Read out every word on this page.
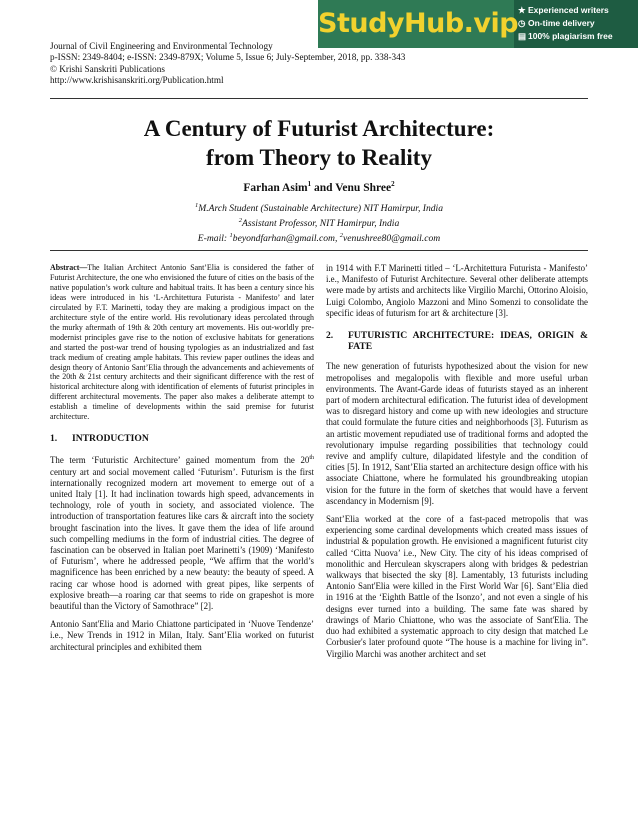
StudyHub.vip ★ Experienced writers
◷ On-time delivery
▤ 100% plagiarism free
Journal of Civil Engineering and Environmental Technology
p-ISSN: 2349-8404; e-ISSN: 2349-879X; Volume 5, Issue 6; July-September, 2018, pp. 338-343
© Krishi Sanskriti Publications
http://www.krishisanskriti.org/Publication.html
A Century of Futurist Architecture:
from Theory to Reality
Farhan Asim$^1$ and Venu Shree$^2$
$^1$M.Arch Student (Sustainable Architecture) NIT Hamirpur, India
$^2$Assistant Professor, NIT Hamirpur, India
E-mail: $^1$beyondfarhan@gmail.com, $^2$venushree80@gmail.com

Abstract—The Italian Architect Antonio Sant’Elia is considered the father of Futurist Architecture, the one who envisioned the future of cities on the basis of the native population’s work culture and habitual traits. It has been a century since his ideas were introduced in his ‘L-Architettura Futurista - Manifesto’ and later circulated by F.T. Marinetti, today they are making a prodigious impact on the architecture style of the entire world. His revolutionary ideas percolated through the murky aftermath of 19th & 20th century art movements. His out-worldly pre-modernist principles gave rise to the notion of exclusive habitats for generations and started the post-war trend of housing typologies as an industrialized and fast track medium of creating ample habitats. This review paper outlines the ideas and design theory of Antonio Sant’Elia through the advancements and achievements of the 20th & 21st century architects and their significant difference with the rest of historical architecture along with identification of elements of futurist principles in different architectural movements. The paper also makes a deliberate attempt to establish a timeline of developments within the said premise for futurist architecture.

1.	INTRODUCTION

The term ‘Futuristic Architecture’ gained momentum from the 20th century art and social movement called ‘Futurism’. Futurism is the first internationally recognized modern art movement to emerge out of a united Italy [1]. It had inclination towards high speed, advancements in technology, role of youth in society, and associated violence. The introduction of transportation features like cars & aircraft into the society brought fascination into the lives. It gave them the idea of life around such compelling mediums in the form of industrial cities. The degree of fascination can be observed in Italian poet Marinetti’s (1909) ‘Manifesto of Futurism’, where he addressed people, “We affirm that the world’s magnificence has been enriched by a new beauty: the beauty of speed. A racing car whose hood is adorned with great pipes, like serpents of explosive breath—a roaring car that seems to ride on grapeshot is more beautiful than the Victory of Samothrace” [2].

Antonio Sant'Elia and Mario Chiattone participated in ‘Nuove Tendenze’ i.e., New Trends in 1912 in Milan, Italy. Sant’Elia worked on futurist architectural principles and exhibited them

in 1914 with F.T Marinetti titled – ‘L-Architettura Futurista - Manifesto’ i.e., Manifesto of Futurist Architecture. Several other deliberate attempts were made by artists and architects like Virgilio Marchi, Ottorino Aloisio, Luigi Colombo, Angiolo Mazzoni and Mino Somenzi to consolidate the specific ideas of futurism for art & architecture [3].

2.	FUTURISTIC ARCHITECTURE: IDEAS, ORIGIN & FATE

The new generation of futurists hypothesized about the vision for new metropolises and megalopolis with flexible and more useful urban environments. The Avant-Garde ideas of futurists stayed as an inherent part of modern architectural edification. The futurist idea of development was to disregard history and come up with new ideologies and structure that could formulate the future cities and neighborhoods [3]. Futurism as an artistic movement repudiated use of traditional forms and adopted the revolutionary impulse regarding possibilities that technology could revive and amplify culture, dilapidated lifestyle and the condition of cities [5]. In 1912, Sant’Elia started an architecture design office with his associate Chiattone, where he formulated his groundbreaking utopian vision for the future in the form of sketches that would have a fervent ascendancy in Modernism [9].

Sant’Elia worked at the core of a fast-paced metropolis that was experiencing some cardinal developments which created mass issues of industrial & population growth. He envisioned a magnificent futurist city called ‘Citta Nuova’ i.e., New City. The city of his ideas comprised of monolithic and Herculean skyscrapers along with bridges & pedestrian walkways that bisected the sky [8]. Lamentably, 13 futurists including Antonio Sant'Elia were killed in the First World War [6]. Sant’Elia died in 1916 at the ‘Eighth Battle of the Isonzo’, and not even a single of his designs ever turned into a building. The same fate was shared by drawings of Mario Chiattone, who was the associate of Sant'Elia. The duo had exhibited a systematic approach to city design that matched Le Corbusier's later profound quote “The house is a machine for living in”. Virgilio Marchi was another architect and set
